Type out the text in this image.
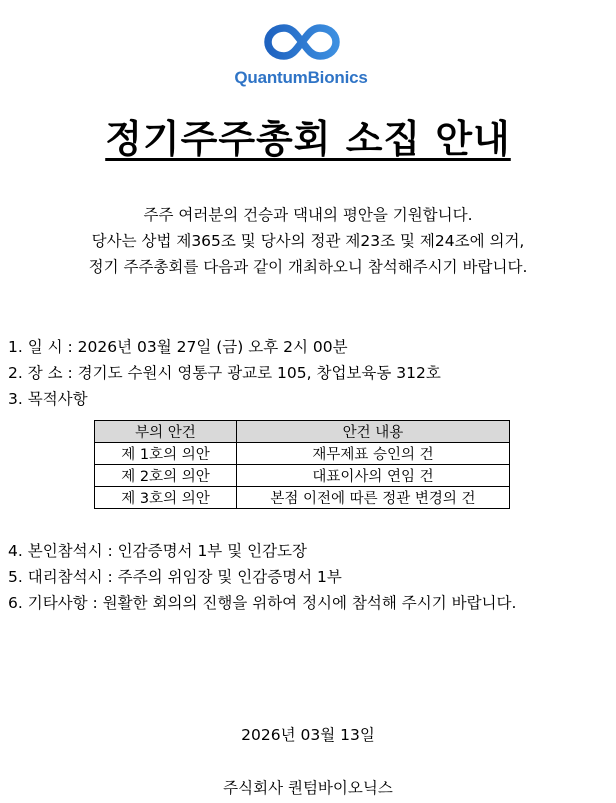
QuantumBionics
정기주주총회 소집 안내
주주 여러분의 건승과 댁내의 평안을 기원합니다.
당사는 상법 제365조 및 당사의 정관 제23조 및 제24조에 의거,
정기 주주총회를 다음과 같이 개최하오니 참석해주시기 바랍니다.
1. 일 시 : 2026년 03월 27일 (금) 오후 2시 00분
2. 장 소 : 경기도 수원시 영통구 광교로 105, 창업보육동 312호
3. 목적사항
부의 안건	안건 내용
제 1호의 의안	재무제표 승인의 건
제 2호의 의안	대표이사의 연임 건
제 3호의 의안	본점 이전에 따른 정관 변경의 건
4. 본인참석시 : 인감증명서 1부 및 인감도장
5. 대리참석시 : 주주의 위임장 및 인감증명서 1부
6. 기타사항 : 원활한 회의의 진행을 위하여 정시에 참석해 주시기 바랍니다.
2026년 03월 13일
주식회사 퀀텀바이오닉스
